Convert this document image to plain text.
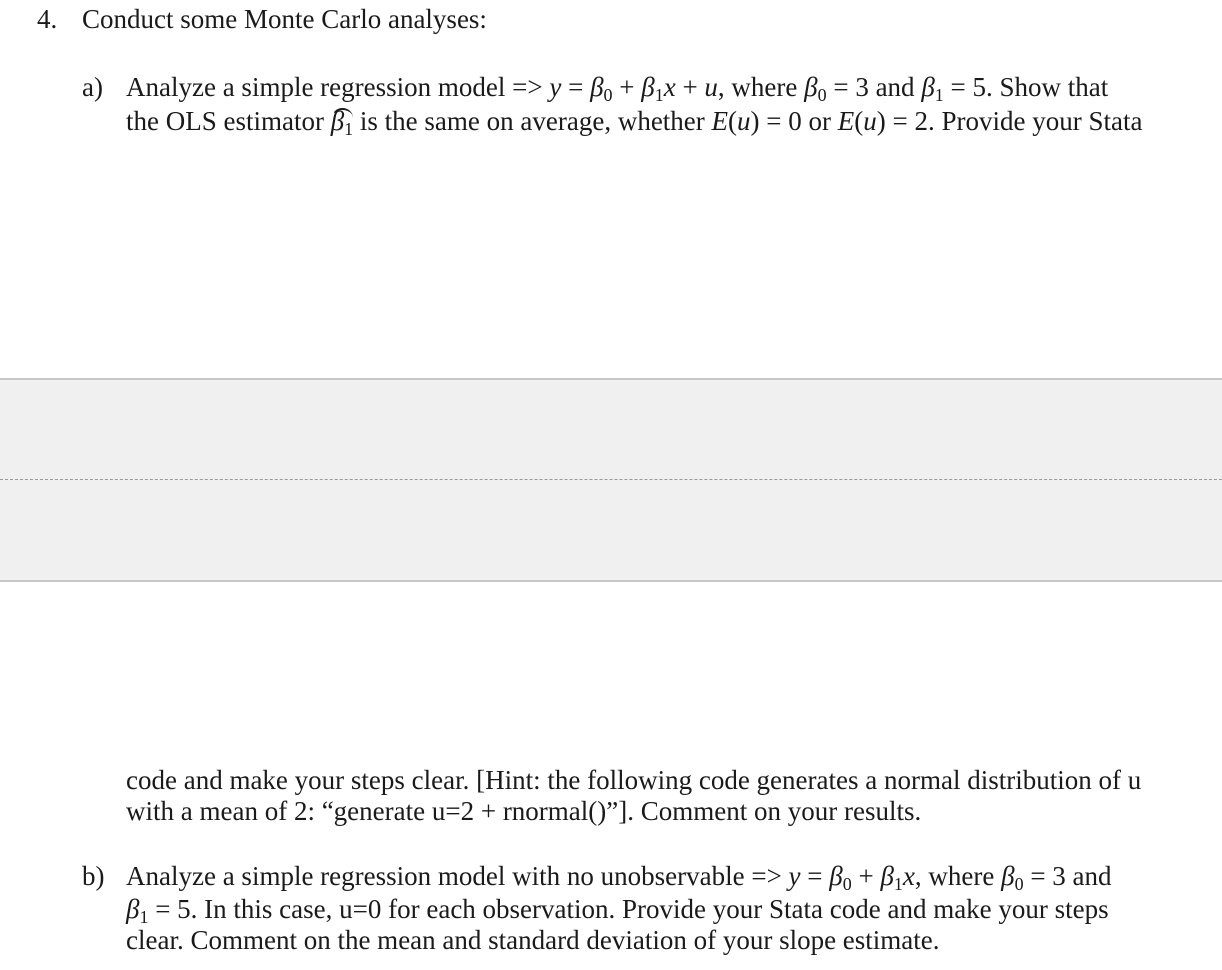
4. Conduct some Monte Carlo analyses:
a) Analyze a simple regression model => $y = \beta_0 + \beta_1x + u$, where $\beta_0 = 3$ and $\beta_1 = 5$. Show that
the OLS estimator $\beta_1$ is the same on average, whether E(u) = 0 or E(u) = 2. Provide your Stata
code and make your steps clear. [Hint: the following code generates a normal distribution of u
with a mean of 2: “generate u=2 + rnormal()”]. Comment on your results.
b) Analyze a simple regression model with no unobservable => $y = \beta_0 + \beta_1x$, where $\beta_0 = 3$ and
$\beta_1 = 5$. In this case, u=0 for each observation. Provide your Stata code and make your steps
clear. Comment on the mean and standard deviation of your slope estimate.
